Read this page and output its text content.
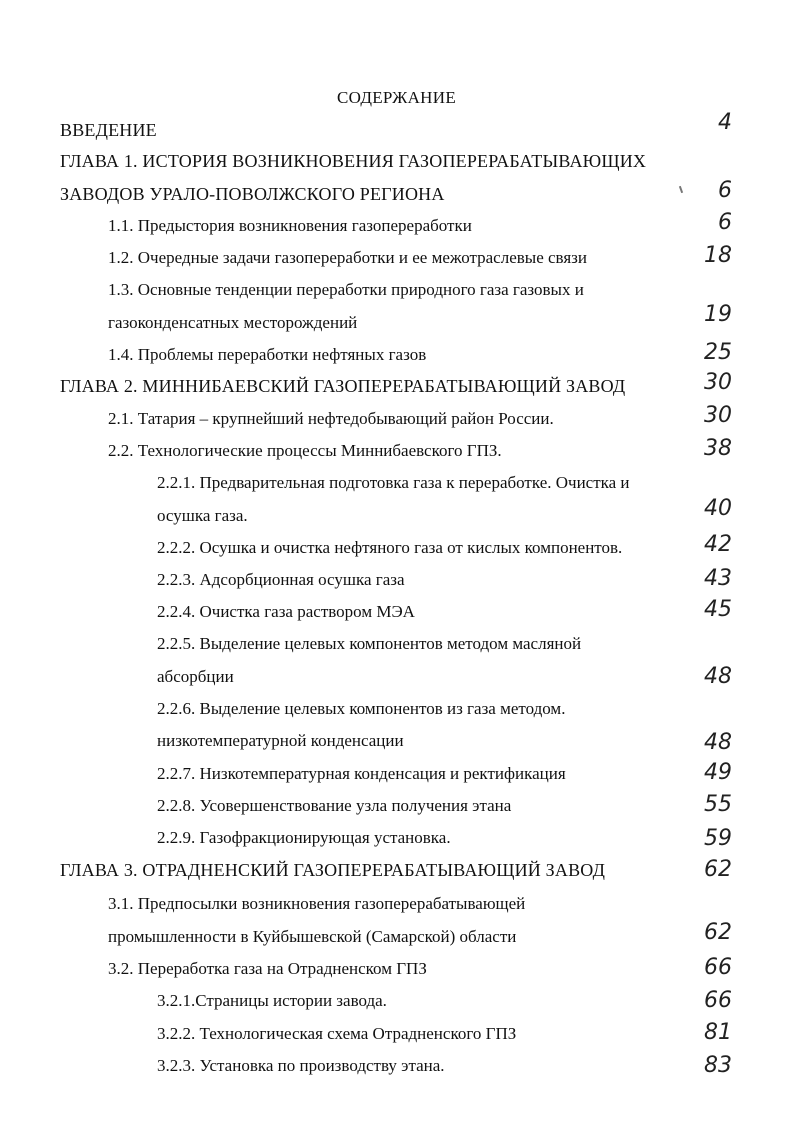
СОДЕРЖАНИЕ
ВВЕДЕНИЕ	4
ГЛАВА 1. ИСТОРИЯ ВОЗНИКНОВЕНИЯ ГАЗОПЕРЕРАБАТЫВАЮЩИХ
ЗАВОДОВ УРАЛО-ПОВОЛЖСКОГО РЕГИОНА	6
1.1. Предыстория возникновения газопереработки	6
1.2. Очередные задачи газопереработки и ее межотраслевые связи	18
1.3. Основные тенденции переработки природного газа газовых и
газоконденсатных месторождений	19
1.4. Проблемы переработки нефтяных газов	25
ГЛАВА 2. МИННИБАЕВСКИЙ ГАЗОПЕРЕРАБАТЫВАЮЩИЙ ЗАВОД	30
2.1. Татария – крупнейший нефтедобывающий район России.	30
2.2. Технологические процессы Миннибаевского ГПЗ.	38
2.2.1. Предварительная подготовка газа к переработке. Очистка и
осушка газа.	40
2.2.2. Осушка и очистка нефтяного газа от кислых компонентов.	42
2.2.3. Адсорбционная осушка газа	43
2.2.4. Очистка газа раствором МЭА	45
2.2.5. Выделение целевых компонентов методом масляной
абсорбции	48
2.2.6. Выделение целевых компонентов из газа методом.
низкотемпературной конденсации	48
2.2.7. Низкотемпературная конденсация и ректификация	49
2.2.8. Усовершенствование узла получения этана	55
2.2.9. Газофракционирующая установка.	59
ГЛАВА 3. ОТРАДНЕНСКИЙ ГАЗОПЕРЕРАБАТЫВАЮЩИЙ ЗАВОД	62
3.1. Предпосылки возникновения газоперерабатывающей
промышленности в Куйбышевской (Самарской) области	62
3.2. Переработка газа на Отрадненском ГПЗ	66
3.2.1.Страницы истории завода.	66
3.2.2. Технологическая схема Отрадненского ГПЗ	81
3.2.3. Установка по производству этана.	83
